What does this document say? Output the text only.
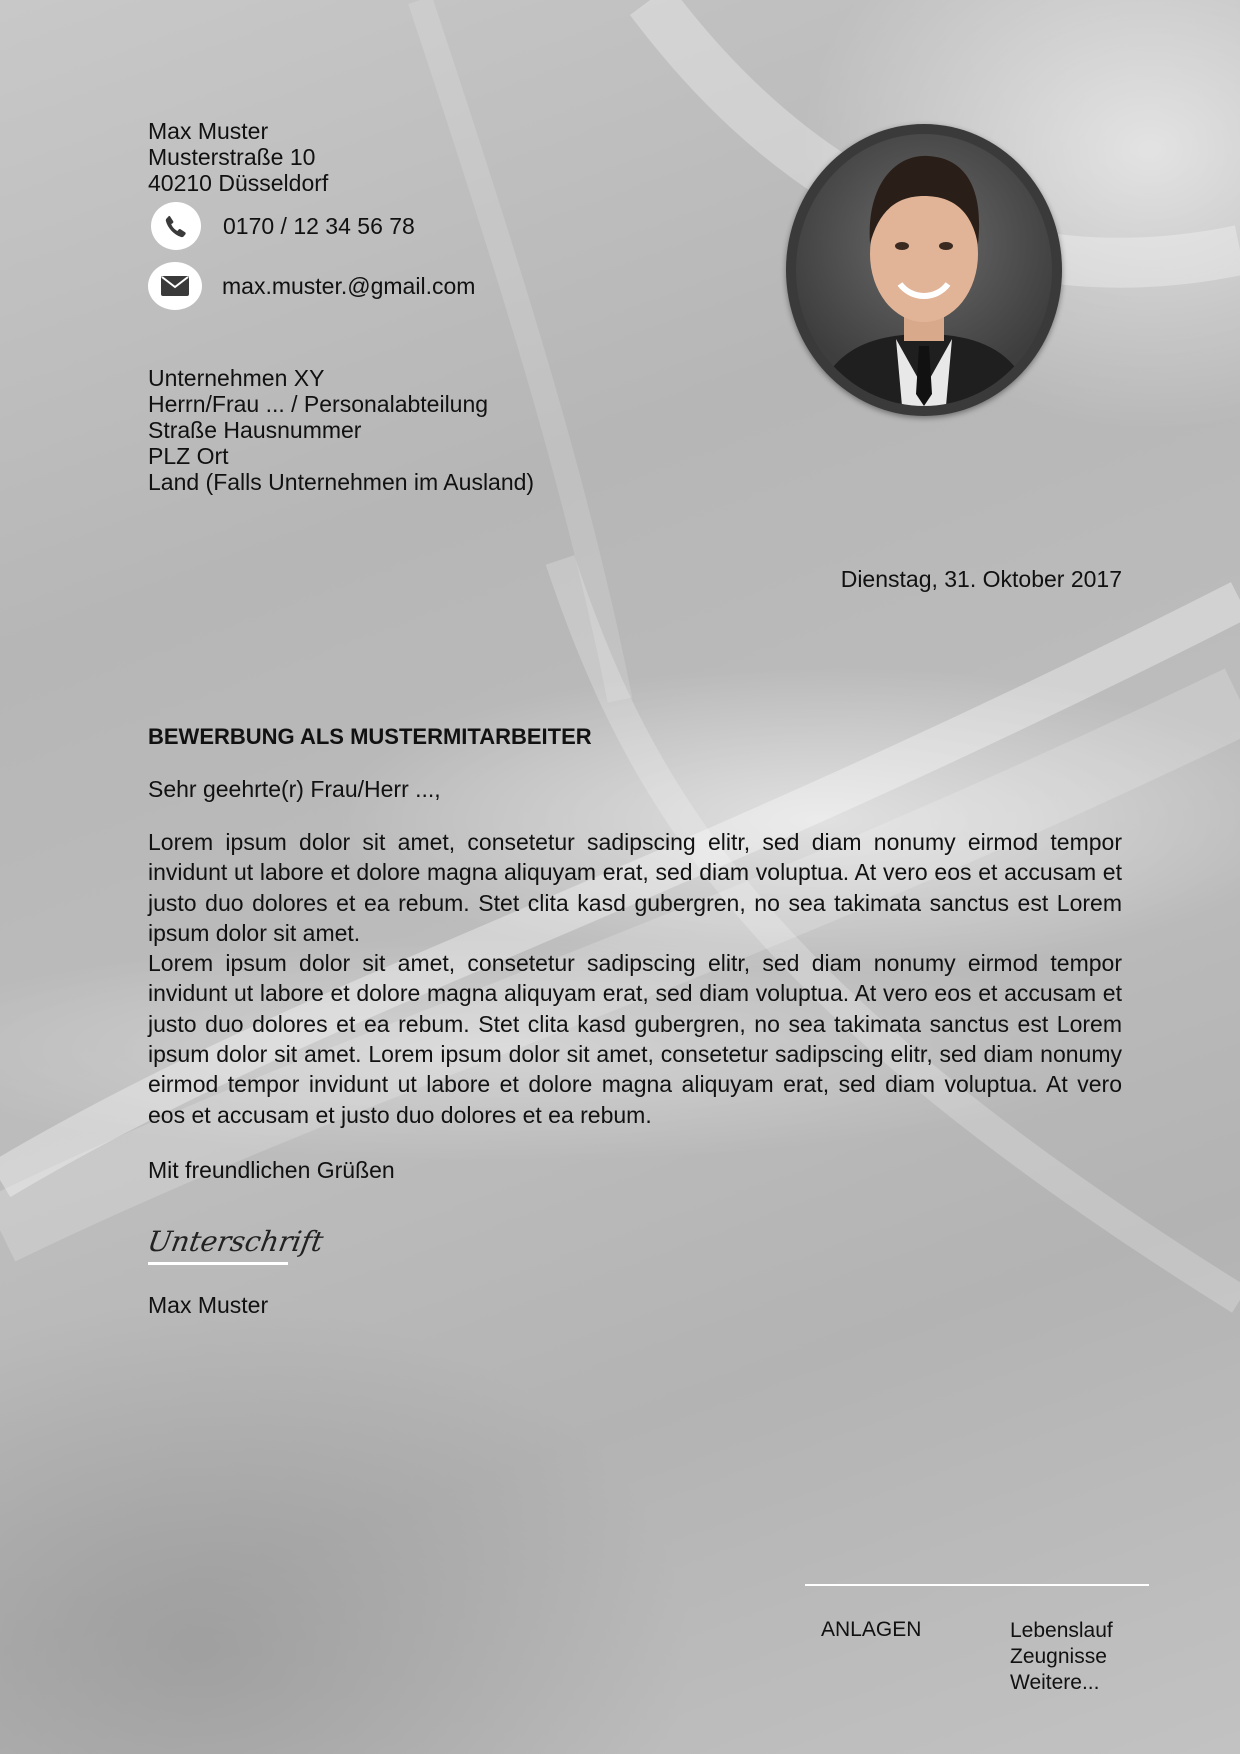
Max Muster
Musterstraße 10
40210 Düsseldorf
0170 / 12 34 56 78
max.muster.@gmail.com
Unternehmen XY
Herrn/Frau ... / Personalabteilung
Straße Hausnummer
PLZ Ort
Land (Falls Unternehmen im Ausland)
Dienstag, 31. Oktober 2017
BEWERBUNG ALS MUSTERMITARBEITER
Sehr geehrte(r) Frau/Herr ...,

Lorem ipsum dolor sit amet, consetetur sadipscing elitr, sed diam nonumy eirmod tempor invidunt ut labore et dolore magna aliquyam erat, sed diam voluptua. At vero eos et accusam et justo duo dolores et ea rebum. Stet clita kasd gubergren, no sea takimata sanctus est Lorem ipsum dolor sit amet.

Lorem ipsum dolor sit amet, consetetur sadipscing elitr, sed diam nonumy eirmod tempor invidunt ut labore et dolore magna aliquyam erat, sed diam voluptua. At vero eos et accusam et justo duo dolores et ea rebum. Stet clita kasd gubergren, no sea takimata sanctus est Lorem ipsum dolor sit amet. Lorem ipsum dolor sit amet, consetetur sadipscing elitr, sed diam nonumy eirmod tempor invidunt ut labore et dolore magna aliquyam erat, sed diam voluptua. At vero eos et accusam et justo duo dolores et ea rebum.

Mit freundlichen Grüßen
Unterschrift
Max Muster
ANLAGEN	Lebenslauf
Zeugnisse
Weitere...
